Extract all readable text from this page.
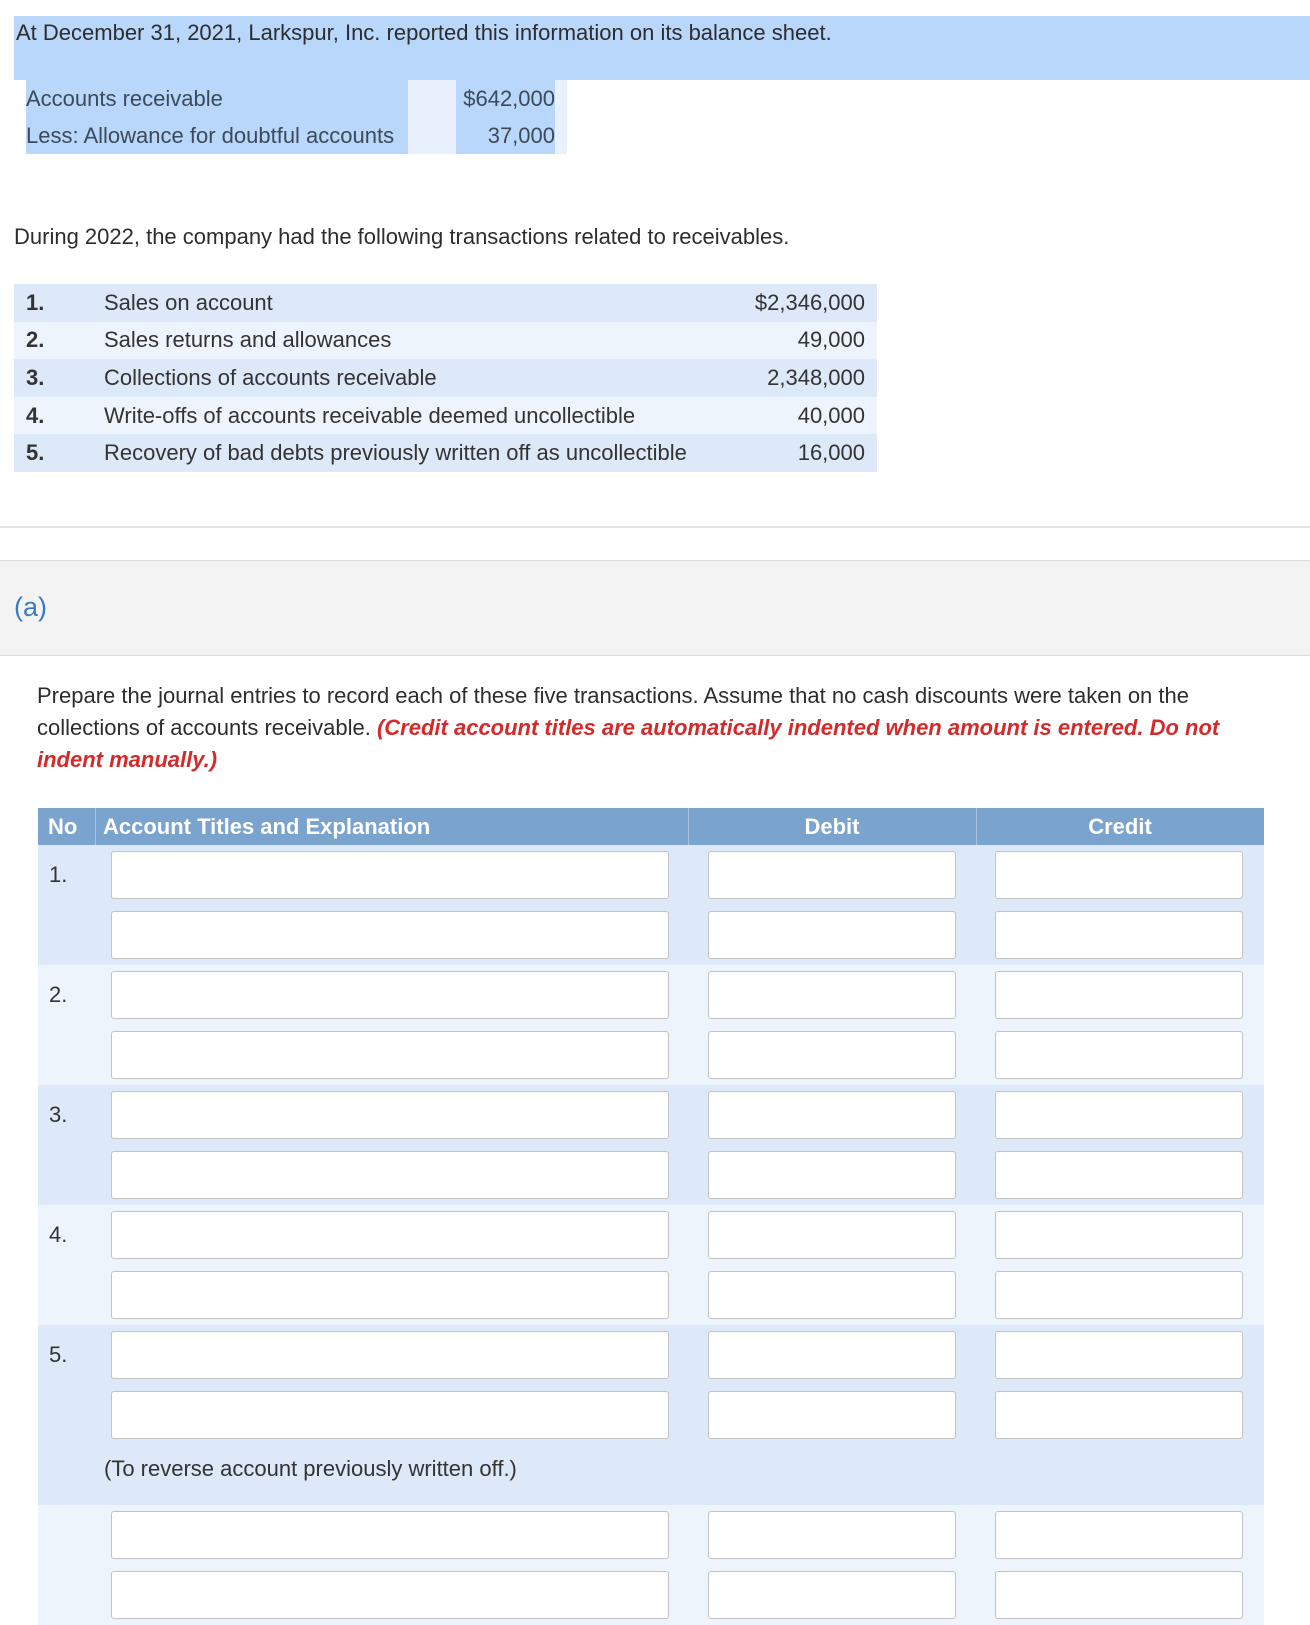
At December 31, 2021, Larkspur, Inc. reported this information on its balance sheet.
Accounts receivable		$642,000	
Less: Allowance for doubtful accounts		37,000	
During 2022, the company had the following transactions related to receivables.
1.	Sales on account	$2,346,000
2.	Sales returns and allowances	49,000
3.	Collections of accounts receivable	2,348,000
4.	Write-offs of accounts receivable deemed uncollectible	40,000
5.	Recovery of bad debts previously written off as uncollectible	16,000
(a)
Prepare the journal entries to record each of these five transactions. Assume that no cash discounts were taken on the collections of accounts receivable. (Credit account titles are automatically indented when amount is entered. Do not indent manually.)
No Account Titles and Explanation	Debit	Credit
1.
2.
3.
4.
5.
(To reverse account previously written off.)
